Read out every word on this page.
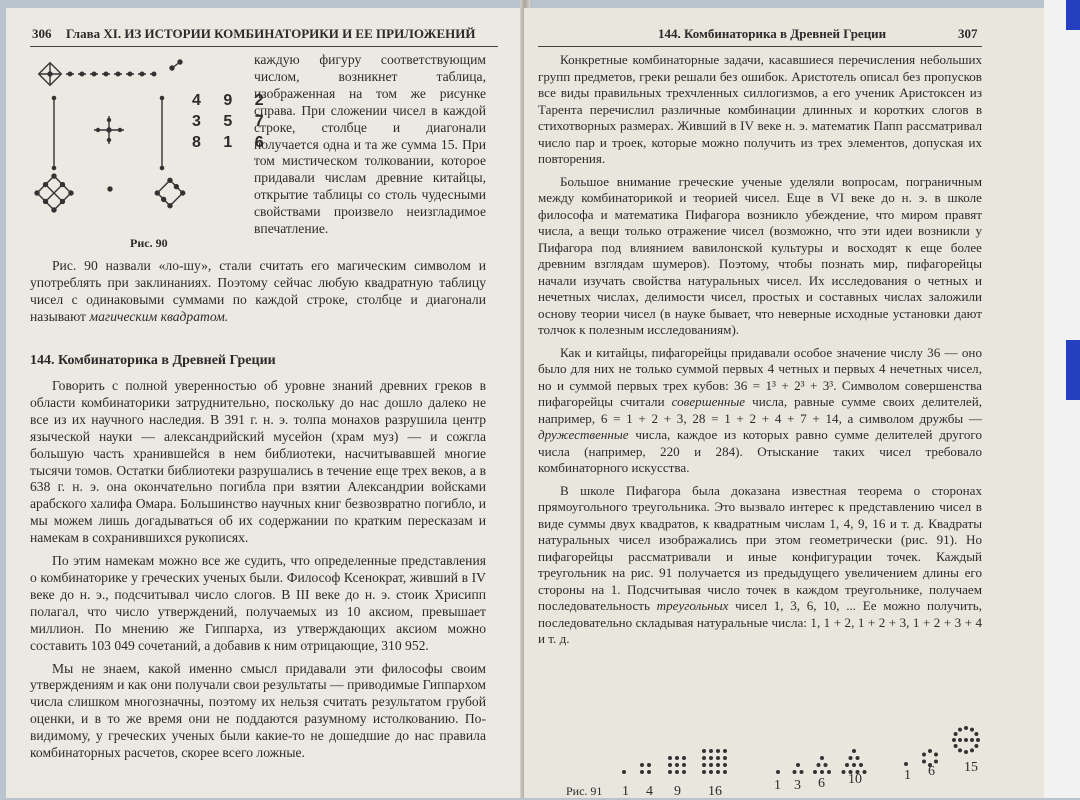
306 Глава XI. ИЗ ИСТОРИИ КОМБИНАТОРИКИ И ЕЕ ПРИЛОЖЕНИЙ
4 9 2
3 5 7
8 1 6
Рис. 90

каждую фигуру соответствующим числом, возникнет таблица, изображенная на том же рисунке справа. При сложении чисел в каждой строке, столбце и диагонали получается одна и та же сумма 15. При том мистическом толковании, которое придавали числам древние китайцы, открытие таблицы со столь чудесными свойствами произвело неизгладимое впечатление.

Рис. 90 назвали «ло-шу», стали считать его магическим символом и употреблять при заклинаниях. Поэтому сейчас любую квадратную таблицу чисел с одинаковыми суммами по каждой строке, столбце и диагонали называют магическим квадратом.

144. Комбинаторика в Древней Греции

Говорить с полной уверенностью об уровне знаний древних греков в области комбинаторики затруднительно, поскольку до нас дошло далеко не все из их научного наследия. В 391 г. н. э. толпа монахов разрушила центр языческой науки — александрийский мусейон (храм муз) — и сожгла большую часть хранившейся в нем библиотеки, насчитывавшей многие тысячи томов. Остатки библиотеки разрушались в течение еще трех веков, а в 638 г. н. э. она окончательно погибла при взятии Александрии войсками арабского халифа Омара. Большинство научных книг безвозвратно погибло, и мы можем лишь догадываться об их содержании по кратким пересказам и намекам в сохранившихся рукописях.

По этим намекам можно все же судить, что определенные представления о комбинаторике у греческих ученых были. Философ Ксенократ, живший в IV веке до н. э., подсчитывал число слогов. В III веке до н. э. стоик Хрисипп полагал, что число утверждений, получаемых из 10 аксиом, превышает миллион. По мнению же Гиппарха, из утверждающих аксиом можно составить 103 049 сочетаний, а добавив к ним отрицающие, 310 952.

Мы не знаем, какой именно смысл придавали эти философы своим утверждениям и как они получали свои результаты — приводимые Гиппархом числа слишком многозначны, поэтому их нельзя считать результатом грубой оценки, и в то же время они не поддаются разумному истолкованию. По-видимому, у греческих ученых были какие-то не дошедшие до нас правила комбинаторных расчетов, скорее всего ложные.

144. Комбинаторика в Древней Греции	307

Конкретные комбинаторные задачи, касавшиеся перечисления небольших групп предметов, греки решали без ошибок. Аристотель описал без пропусков все виды правильных трехчленных силлогизмов, а его ученик Аристоксен из Тарента перечислил различные комбинации длинных и коротких слогов в стихотворных размерах. Живший в IV веке н. э. математик Папп рассматривал число пар и троек, которые можно получить из трех элементов, допуская их повторения.

Большое внимание греческие ученые уделяли вопросам, пограничным между комбинаторикой и теорией чисел. Еще в VI веке до н. э. в школе философа и математика Пифагора возникло убеждение, что миром правят числа, а вещи только отражение чисел (возможно, что эти идеи возникли у Пифагора под влиянием вавилонской культуры и восходят к еще более древним взглядам шумеров). Поэтому, чтобы познать мир, пифагорейцы начали изучать свойства натуральных чисел. Их исследования о четных и нечетных числах, делимости чисел, простых и составных числах заложили основу теории чисел (в науке бывает, что неверные исходные установки дают толчок к полезным исследованиям).

Как и китайцы, пифагорейцы придавали особое значение числу 36 — оно было для них не только суммой первых 4 четных и первых 4 нечетных чисел, но и суммой первых трех кубов: 36 = 1³ + 2³ + 3³. Символом совершенства пифагорейцы считали совершенные числа, равные сумме своих делителей, например, 6 = 1 + 2 + 3, 28 = 1 + 2 + 4 + 7 + 14, а символом дружбы — дружественные числа, каждое из которых равно сумме делителей другого числа (например, 220 и 284). Отыскание таких чисел требовало комбинаторного искусства.

В школе Пифагора была доказана известная теорема о сторонах прямоугольного треугольника. Это вызвало интерес к представлению чисел в виде суммы двух квадратов, к квадратным числам 1, 4, 9, 16 и т. д. Квадраты натуральных чисел изображались при этом геометрически (рис. 91). Но пифагорейцы рассматривали и иные конфигурации точек. Каждый треугольник на рис. 91 получается из предыдущего увеличением длины его стороны на 1. Подсчитывая число точек в каждом треугольнике, получаем последовательность треугольных чисел 1, 3, 6, 10, ... Ее можно получить, последовательно складывая натуральные числа: 1, 1 + 2, 1 + 2 + 3, 1 + 2 + 3 + 4 и т. д.

Рис. 91 1 4 9 16	1 3 6 10	1 6 15
